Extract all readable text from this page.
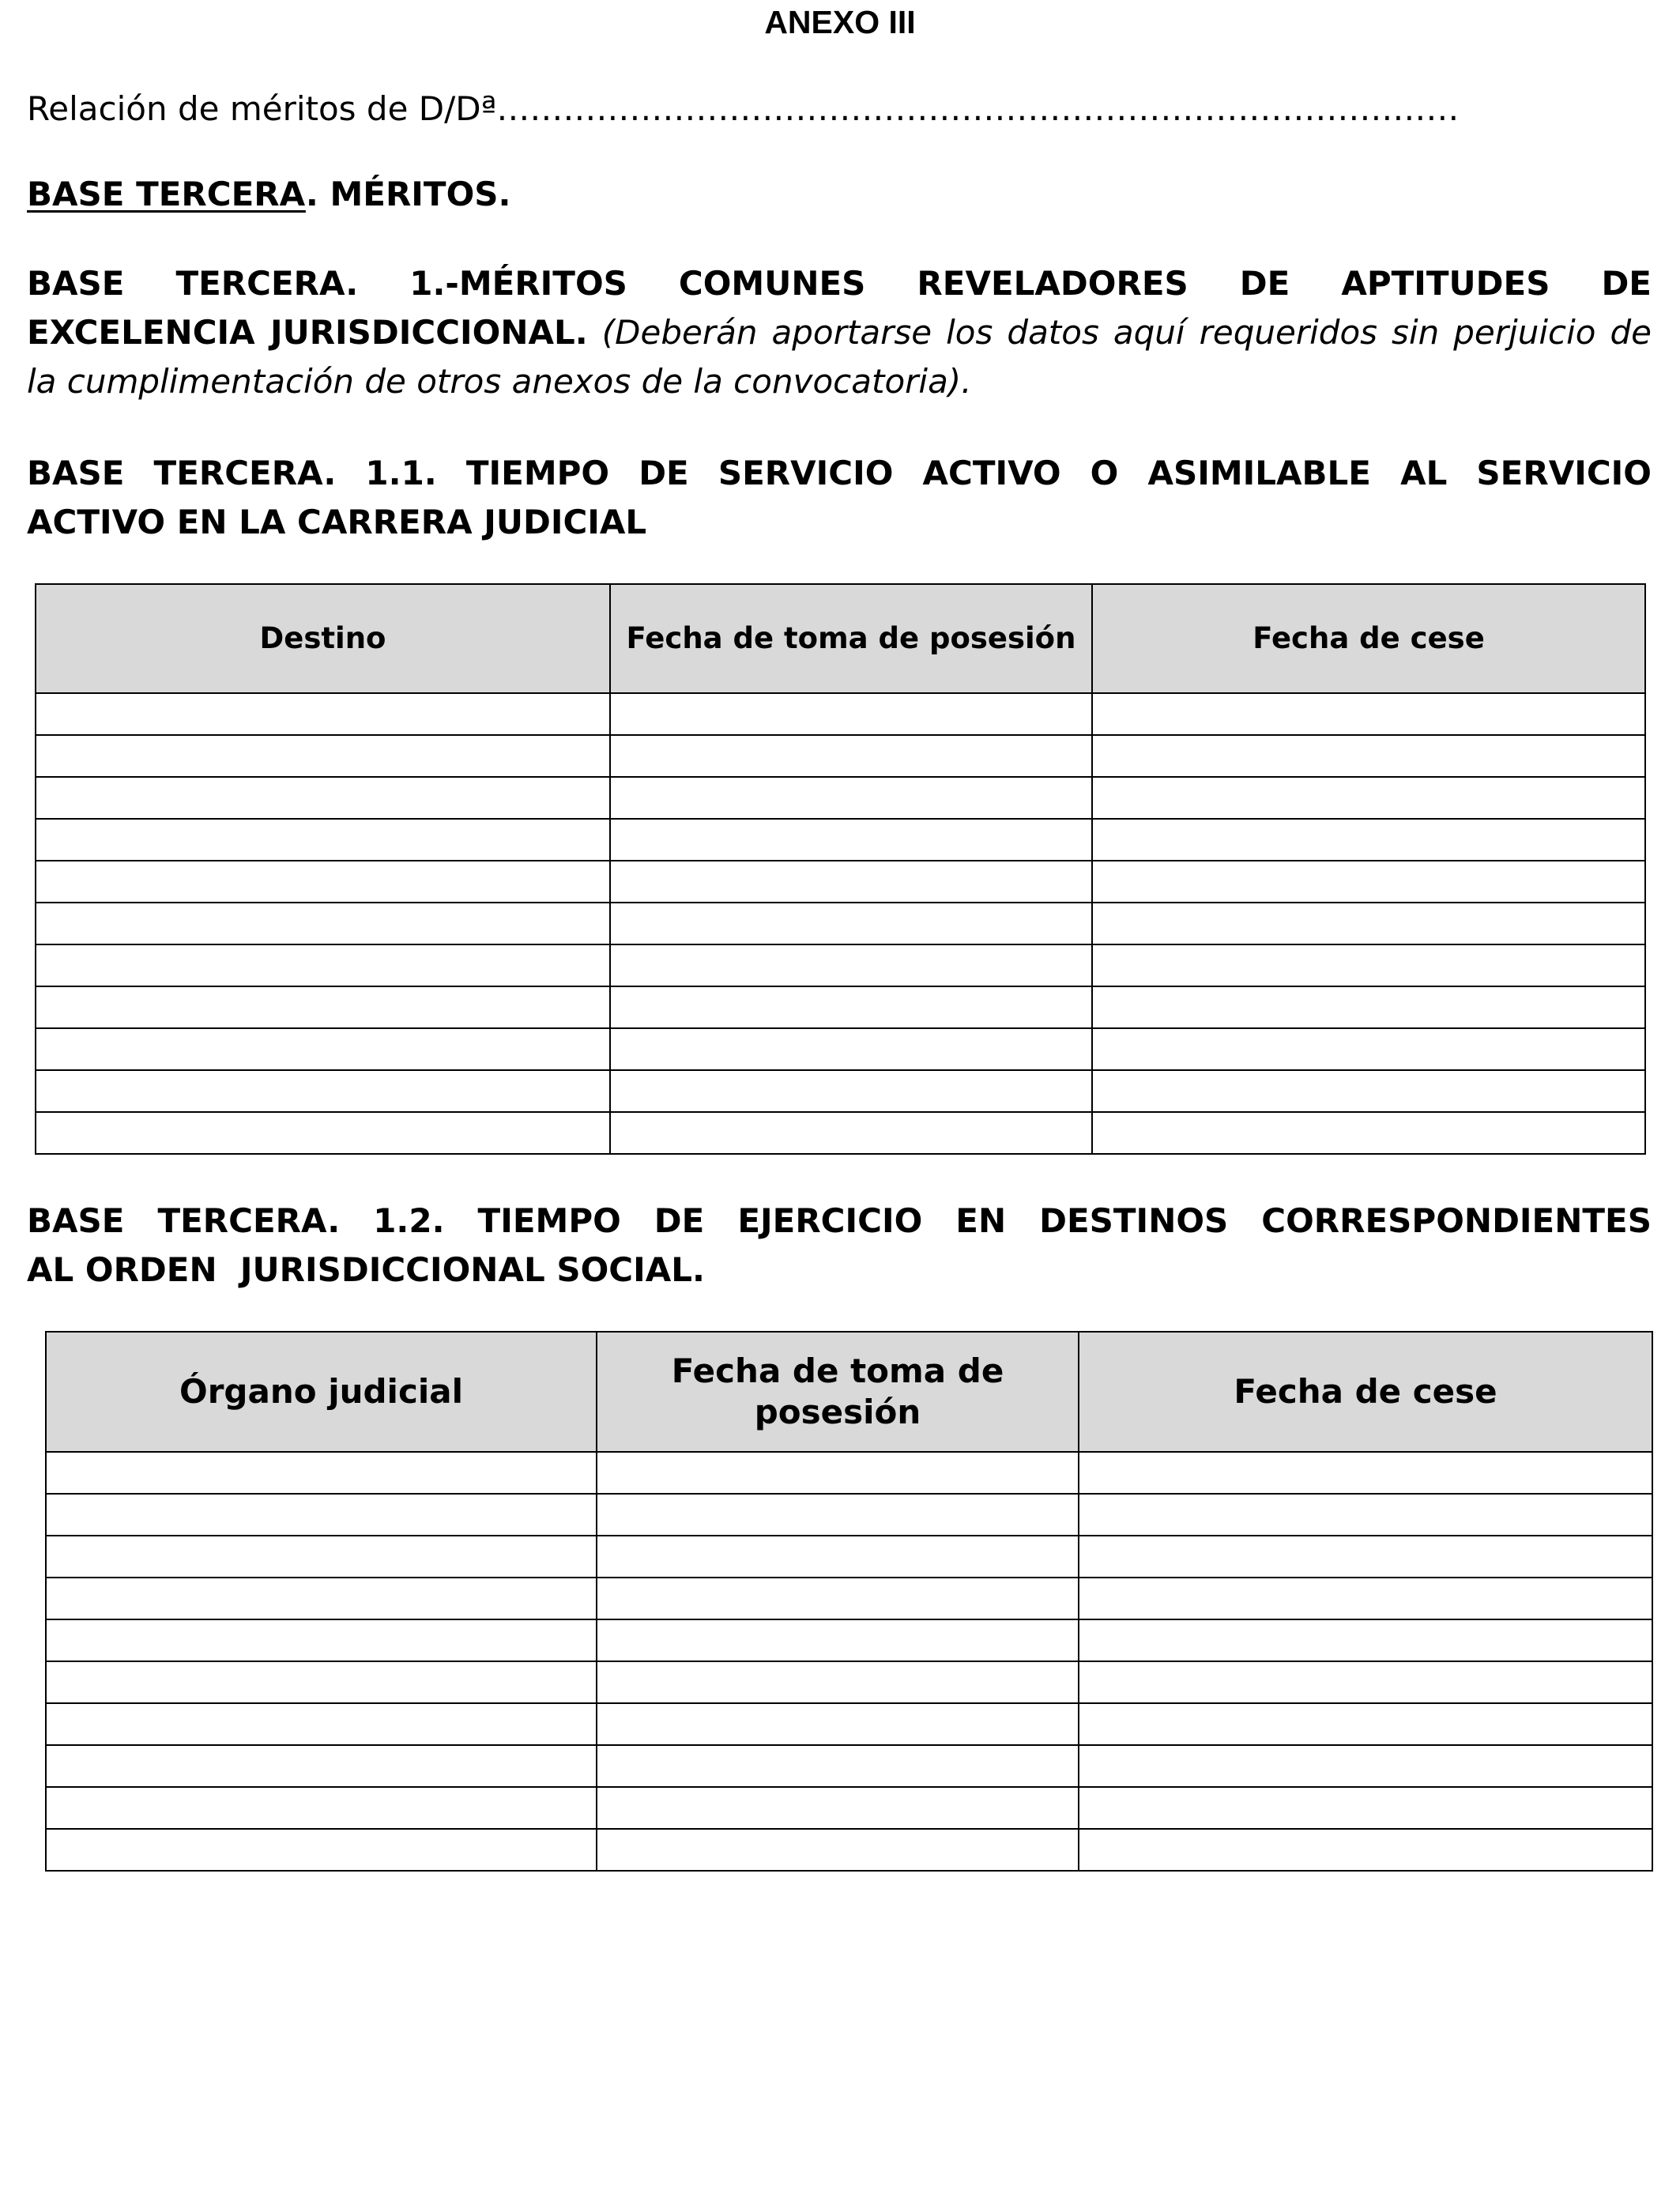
ANEXO III
Relación de méritos de D/Dª……………………………………………………………………………
BASE TERCERA. MÉRITOS.
BASE TERCERA. 1.-MÉRITOS COMUNES REVELADORES DE APTITUDES DE
EXCELENCIA JURISDICCIONAL. (Deberán aportarse los datos aquí requeridos sin perjuicio de la cumplimentación de otros anexos de la convocatoria).
BASE TERCERA. 1.1. TIEMPO DE SERVICIO ACTIVO O ASIMILABLE AL SERVICIO
ACTIVO EN LA CARRERA JUDICIAL
Destino	Fecha de toma de posesión	Fecha de cese

BASE TERCERA. 1.2. TIEMPO DE EJERCICIO EN DESTINOS CORRESPONDIENTES
AL ORDEN  JURISDICCIONAL SOCIAL.
Órgano judicial	Fecha de toma de posesión	Fecha de cese
